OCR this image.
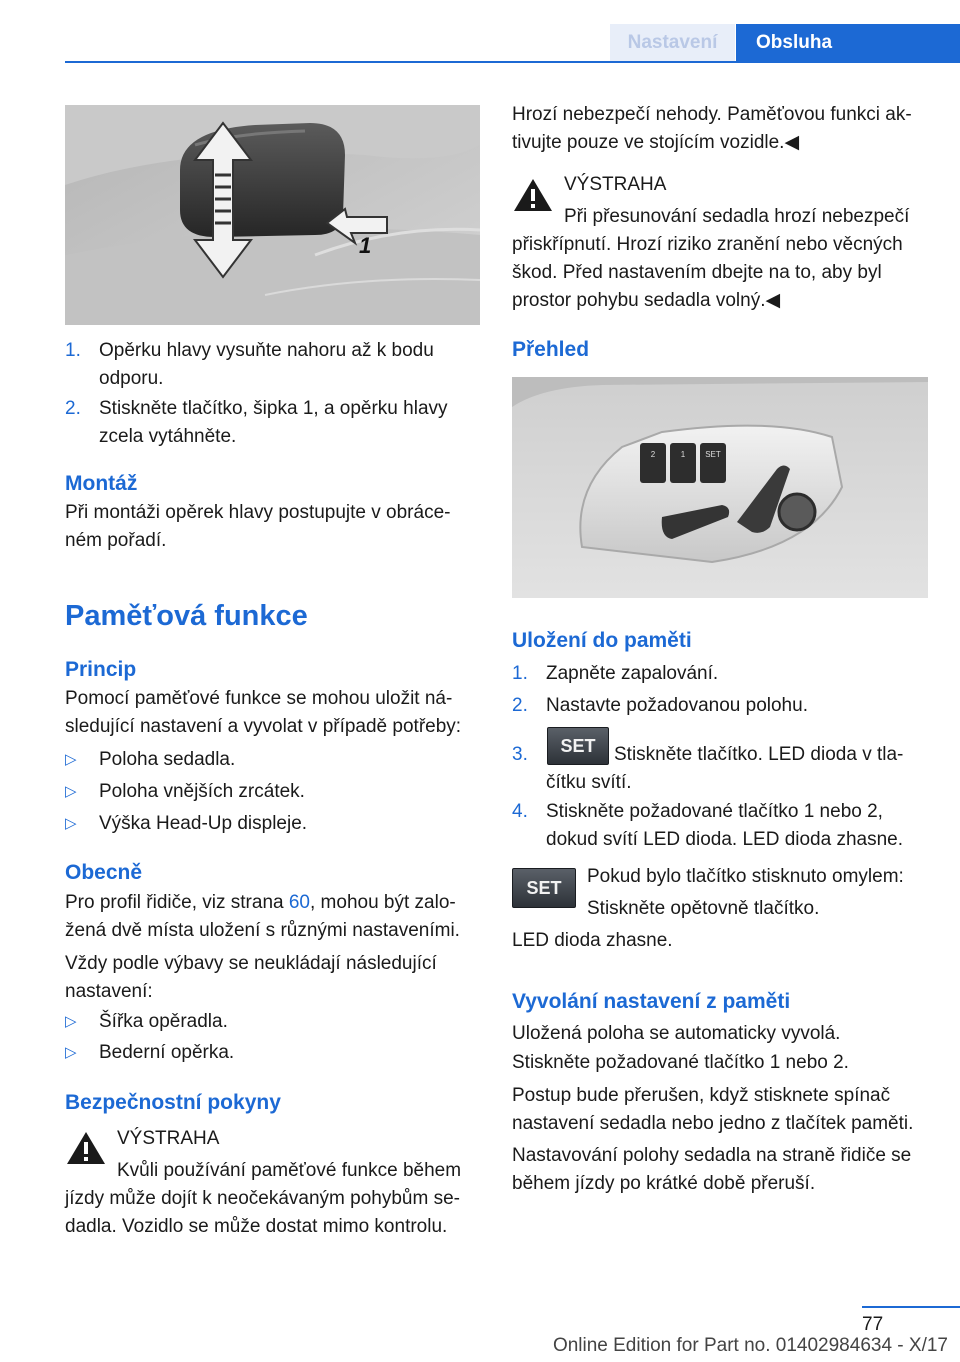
Nastavení	Obsluha
1
1. Opěrku hlavy vysuňte nahoru až k bodu odporu.

2. Stiskněte tlačítko, šipka 1, a opěrku hlavy zcela vytáhněte.

Montáž

Při montáži opěrek hlavy postupujte v obráceném pořadí.

Paměťová funkce
Princip

Pomocí paměťové funkce se mohou uložit následující nastavení a vyvolat v případě potřeby:

▷ Poloha sedadla.

▷ Poloha vnějších zrcátek.

▷ Výška Head-Up displeje.

Obecně

Pro profil řidiče, viz strana 60, mohou být založená dvě místa uložení s různými nastaveními.

Vždy podle výbavy se neukládají následující nastavení:

▷ Šířka opěradla.

▷ Bederní opěrka.

Bezpečnostní pokyny
VÝSTRAHA

Kvůli používání paměťové funkce během jízdy může dojít k neočekávaným pohybům sedadla. Vozidlo se může dostat mimo kontrolu.

Hrozí nebezpečí nehody. Paměťovou funkci aktivujte pouze ve stojícím vozidle.◀

VÝSTRAHA

Při přesunování sedadla hrozí nebezpečí přiskřípnutí. Hrozí riziko zranění nebo věcných škod. Před nastavením dbejte na to, aby byl prostor pohybu sedadla volný.◀

Přehled
2	1 SET
Uložení do paměti
1. Zapněte zapalování.

2. Nastavte požadovanou polohu.

3.	SET Stiskněte tlačítko. LED dioda v tlačítku svítí.

4. Stiskněte požadované tlačítko 1 nebo 2, dokud svítí LED dioda. LED dioda zhasne.

SET

Pokud bylo tlačítko stisknuto omylem:

Stiskněte opětovně tlačítko.

LED dioda zhasne.

Vyvolání nastavení z paměti

Uložená poloha se automaticky vyvolá.

Stiskněte požadované tlačítko 1 nebo 2.

Postup bude přerušen, když stisknete spínač nastavení sedadla nebo jedno z tlačítek paměti.

Nastavování polohy sedadla na straně řidiče se během jízdy po krátké době přeruší.

77
Online Edition for Part no. 01402984634 - X/17
